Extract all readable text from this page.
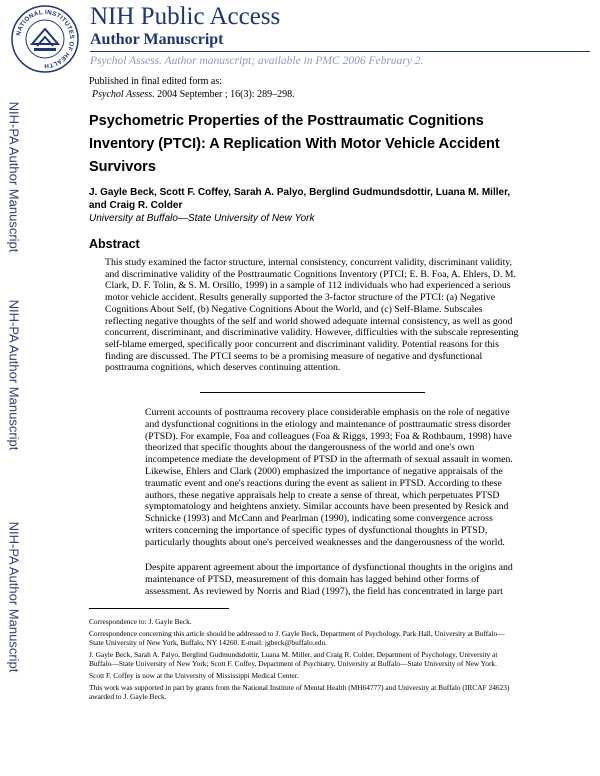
NATIONAL INSTITUTES OF HEALTH
NIH Public Access
Author Manuscript
Psychol Assess. Author manuscript; available in PMC 2006 February 2.
NIH-PA Author Manuscript
NIH-PA Author Manuscript
NIH-PA Author Manuscript
Published in final edited form as:
Psychol Assess. 2004 September ; 16(3): 289–298.
Psychometric Properties of the Posttraumatic Cognitions Inventory (PTCI): A Replication With Motor Vehicle Accident Survivors
J. Gayle Beck, Scott F. Coffey, Sarah A. Palyo, Berglind Gudmundsdottir, Luana M. Miller, and Craig R. Colder
University at Buffalo—State University of New York
Abstract

This study examined the factor structure, internal consistency, concurrent validity, discriminant validity, and discriminative validity of the Posttraumatic Cognitions Inventory (PTCI; E. B. Foa, A. Ehlers, D. M. Clark, D. F. Tolin, & S. M. Orsillo, 1999) in a sample of 112 individuals who had experienced a serious motor vehicle accident. Results generally supported the 3-factor structure of the PTCI: (a) Negative Cognitions About Self, (b) Negative Cognitions About the World, and (c) Self-Blame. Subscales reflecting negative thoughts of the self and world showed adequate internal consistency, as well as good concurrent, discriminant, and discriminative validity. However, difficulties with the subscale representing self-blame emerged, specifically poor concurrent and discriminant validity. Potential reasons for this finding are discussed. The PTCI seems to be a promising measure of negative and dysfunctional posttrauma cognitions, which deserves continuing attention.

Current accounts of posttrauma recovery place considerable emphasis on the role of negative and dysfunctional cognitions in the etiology and maintenance of posttraumatic stress disorder (PTSD). For example, Foa and colleagues (Foa & Riggs, 1993; Foa & Rothbaum, 1998) have theorized that specific thoughts about the dangerousness of the world and one's own incompetence mediate the development of PTSD in the aftermath of sexual assault in women. Likewise, Ehlers and Clark (2000) emphasized the importance of negative appraisals of the traumatic event and one's reactions during the event as salient in PTSD. According to these authors, these negative appraisals help to create a sense of threat, which perpetuates PTSD symptomatology and heightens anxiety. Similar accounts have been presented by Resick and Schnicke (1993) and McCann and Pearlman (1990), indicating some convergence across writers concerning the importance of specific types of dysfunctional thoughts in PTSD, particularly thoughts about one's perceived weaknesses and the dangerousness of the world.

Despite apparent agreement about the importance of dysfunctional thoughts in the origins and maintenance of PTSD, measurement of this domain has lagged behind other forms of assessment. As reviewed by Norris and Riad (1997), the field has concentrated in large part

Correspondence to: J. Gayle Beck.

Correspondence concerning this article should be addressed to J. Gayle Beck, Department of Psychology, Park Hall, University at Buffalo—State University of New York, Buffalo, NY 14260. E-mail: jgbeck@buffalo.edu.

J. Gayle Beck, Sarah A. Palyo, Berglind Gudmundsdottir, Luana M. Miller, and Craig R. Colder, Department of Psychology, University at Buffalo—State University of New York; Scott F. Coffey, Department of Psychiatry, University at Buffalo—State University of New York.

Scott F. Coffey is now at the University of Mississippi Medical Center.

This work was supported in part by grants from the National Institute of Mental Health (MH64777) and University at Buffalo (IRCAF 24623) awarded to J. Gayle Beck.
